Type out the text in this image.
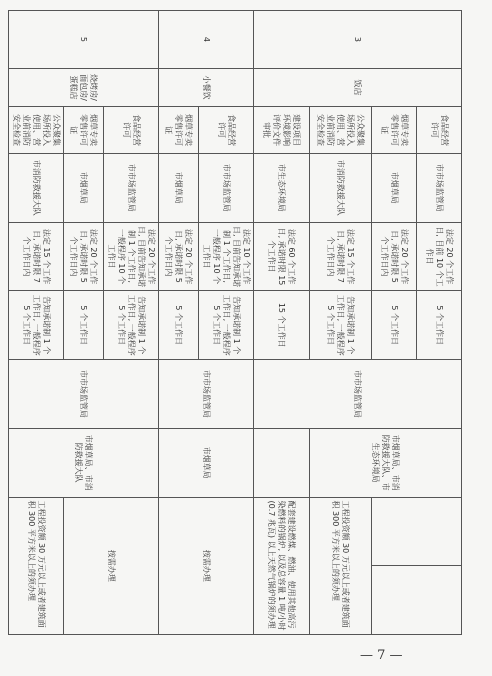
3	饭店	食品经营许可	市市场监管局	法定 20 个工作日, 目前 10 个工作日	5 个工作日	市市场监管局	市烟草局、市消防救援大队、市生态环境局		
		烟草专卖零售许可证	市烟草局	法定 20 个工作日, 承诺时限 5 个工作日内	5 个工作日				
		公众聚集场所投入使用、营业前消防安全检查	市消防救援大队	法定 15 个工作日, 承诺时限 7 个工作日内	告知承诺制 1 个工作日, 一般程序 5 个工作日			工程投资额 30 万元以上或者建筑面积 300 平方米以上的须办理	
		建设项目环境影响评价文件审批	市生态环境局	法定 60 个工作日, 承诺时限 15 个工作日	15 个工作日			配套建设燃煤、燃油、使用其他高污染燃料的锅炉, 以及总容量 1 吨/小时 (0.7 兆瓦) 以上天然气锅炉的须办理	
4	小餐饮	食品经营许可	市市场监管局	法定 10 个工作日, 目前告知承诺制 1 个工作日, 一般程序 10 个工作日	告知承诺制 1 个工作日, 一般程序 5 个工作日	市市场监管局	市烟草局	按需办理	
		烟草专卖零售许可证	市烟草局	法定 20 个工作日, 承诺时限 5 个工作日内	5 个工作日				
5	烧烤房/面包房/蛋糕店	食品经营许可	市市场监管局	法定 20 个工作日, 目前告知承诺制 1 个工作日, 一般程序 10 个工作日	告知承诺制 1 个工作日, 一般程序 5 个工作日	市市场监管局	市烟草局、市消防救援大队	按需办理	
		烟草专卖零售许可证	市烟草局	法定 20 个工作日, 承诺时限 5 个工作日内	5 个工作日				
		公众聚集场所投入使用、营业前消防安全检查	市消防救援大队	法定 15 个工作日, 承诺时限 7 个工作日内	告知承诺制 1 个工作日, 一般程序 5 个工作日			工程投资额 30 万元以上或者建筑面积 300 平方米以上的须办理	
— 7 —
